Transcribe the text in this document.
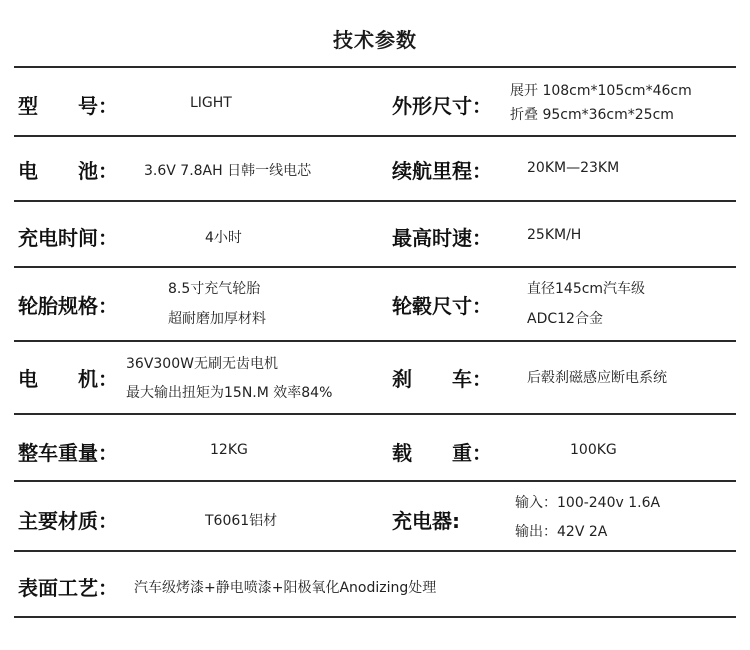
技术参数
型　　号：	LIGHT	外形尺寸：
展开 108cm*105cm*46cm
折叠 95cm*36cm*25cm
电　　池： 3.6V 7.8AH 日韩一线电芯	续航里程：	20KM—23KM
充电时间：	4小时	最高时速：	25KM/H
轮胎规格：
8.5寸充气轮胎
超耐磨加厚材料
轮毂尺寸：
直径145cm汽车级
ADC12合金
电　　机：
36V300W无刷无齿电机
最大输出扭矩为15N.M 效率84%
刹　　车：	后毂刹磁感应断电系统
整车重量：	12KG	载　　重：	100KG
主要材质：	T6061铝材	充电器:
输入：100-240v 1.6A
输出：42V 2A
表面工艺： 汽车级烤漆+静电喷漆+阳极氧化Anodizing处理
